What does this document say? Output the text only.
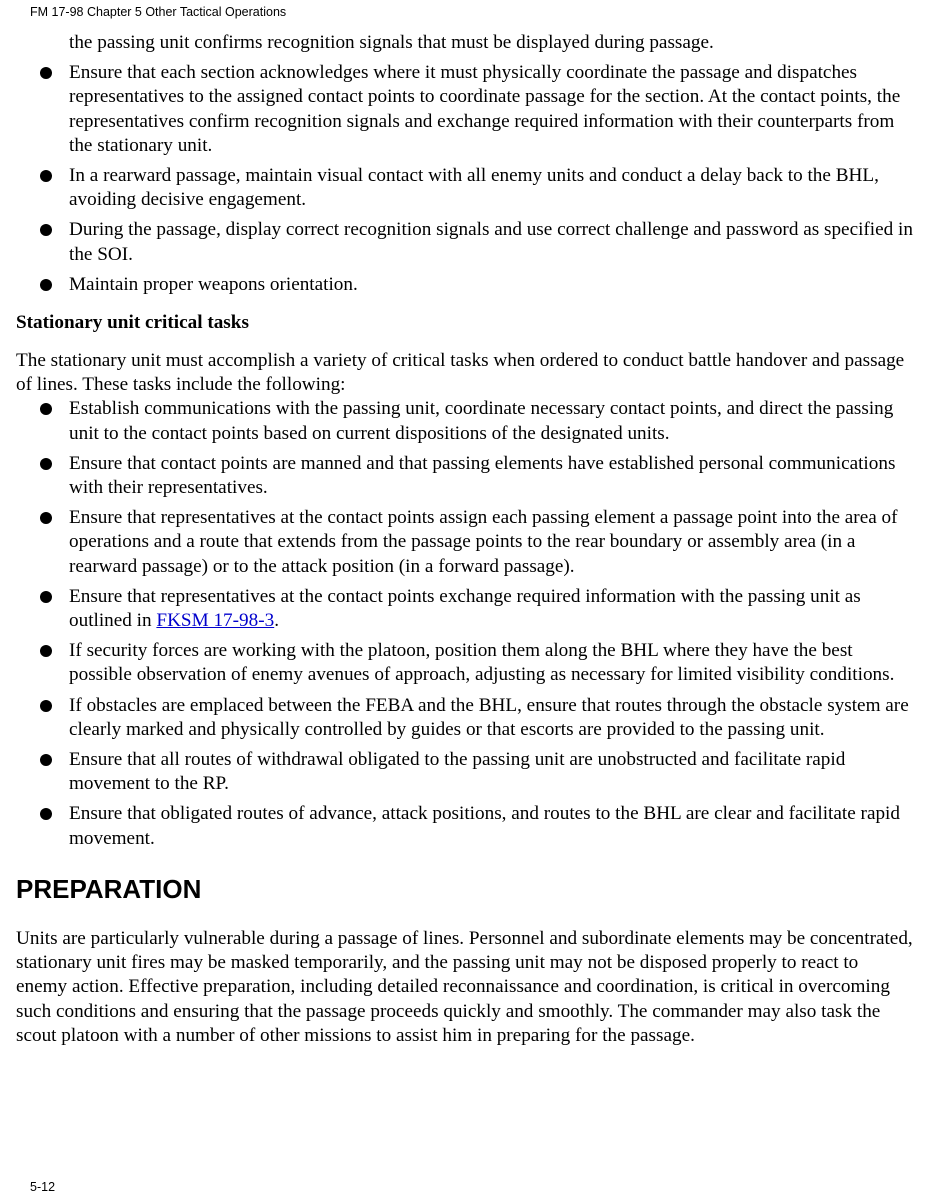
FM 17-98 Chapter 5 Other Tactical Operations
the passing unit confirms recognition signals that must be displayed during passage.
Ensure that each section acknowledges where it must physically coordinate the passage and dispatches representatives to the assigned contact points to coordinate passage for the section. At the contact points, the representatives confirm recognition signals and exchange required information with their counterparts from the stationary unit.
In a rearward passage, maintain visual contact with all enemy units and conduct a delay back to the BHL, avoiding decisive engagement.
During the passage, display correct recognition signals and use correct challenge and password as specified in the SOI.
Maintain proper weapons orientation.
Stationary unit critical tasks

The stationary unit must accomplish a variety of critical tasks when ordered to conduct battle handover and passage of lines. These tasks include the following:

Establish communications with the passing unit, coordinate necessary contact points, and direct the passing unit to the contact points based on current dispositions of the designated units.
Ensure that contact points are manned and that passing elements have established personal communications with their representatives.
Ensure that representatives at the contact points assign each passing element a passage point into the area of operations and a route that extends from the passage points to the rear boundary or assembly area (in a rearward passage) or to the attack position (in a forward passage).
Ensure that representatives at the contact points exchange required information with the passing unit as outlined in FKSM 17-98-3.
If security forces are working with the platoon, position them along the BHL where they have the best possible observation of enemy avenues of approach, adjusting as necessary for limited visibility conditions.
If obstacles are emplaced between the FEBA and the BHL, ensure that routes through the obstacle system are clearly marked and physically controlled by guides or that escorts are provided to the passing unit.
Ensure that all routes of withdrawal obligated to the passing unit are unobstructed and facilitate rapid movement to the RP.
Ensure that obligated routes of advance, attack positions, and routes to the BHL are clear and facilitate rapid movement.
PREPARATION

Units are particularly vulnerable during a passage of lines. Personnel and subordinate elements may be concentrated, stationary unit fires may be masked temporarily, and the passing unit may not be disposed properly to react to enemy action. Effective preparation, including detailed reconnaissance and coordination, is critical in overcoming such conditions and ensuring that the passage proceeds quickly and smoothly. The commander may also task the scout platoon with a number of other missions to assist him in preparing for the passage.

5-12
